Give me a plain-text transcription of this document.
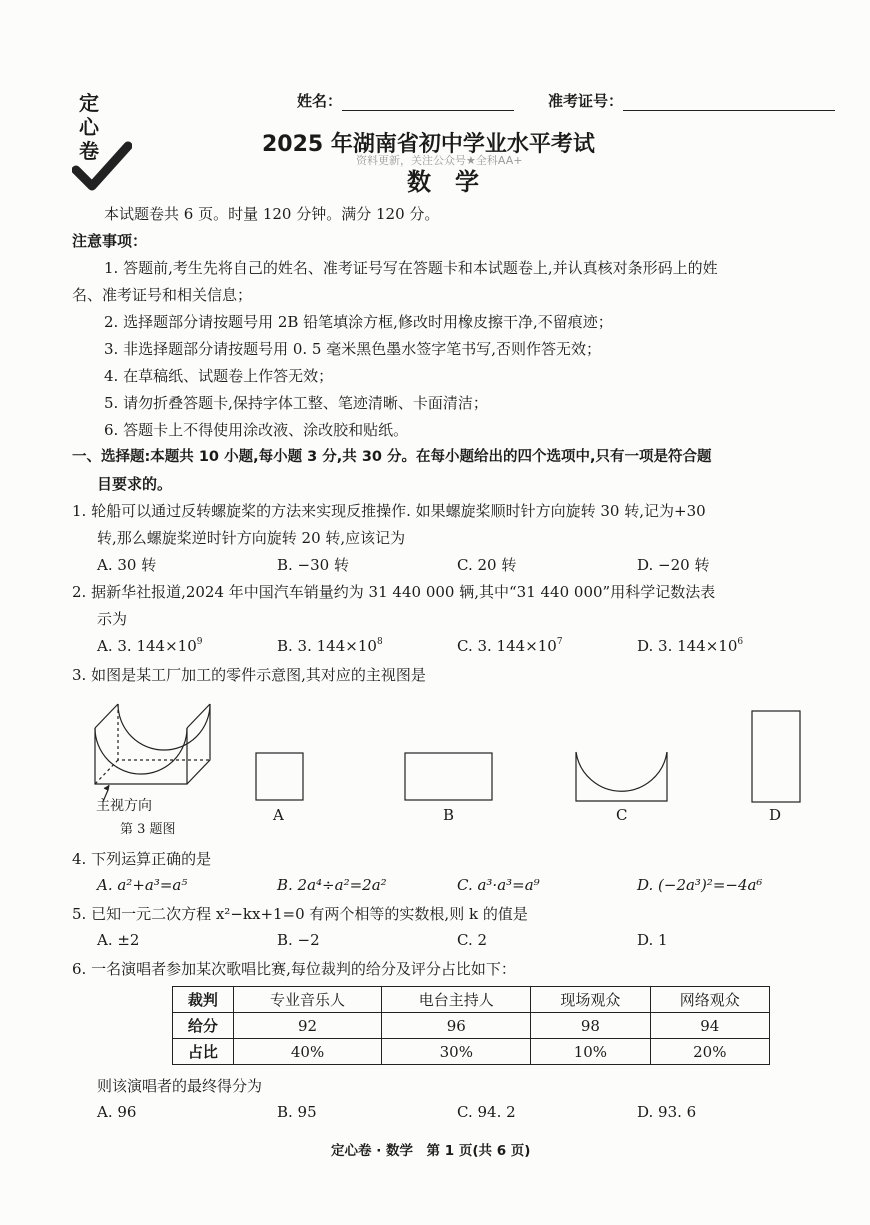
定
心
卷
姓名：	准考证号：
2025 年湖南省初中学业水平考试
资料更新，关注公众号★全科AA+
数　学
本试题卷共 6 页。时量 120 分钟。满分 120 分。
注意事项：
1. 答题前,考生先将自己的姓名、准考证号写在答题卡和本试题卷上,并认真核对条形码上的姓
名、准考证号和相关信息；
2. 选择题部分请按题号用 2B 铅笔填涂方框,修改时用橡皮擦干净,不留痕迹；
3. 非选择题部分请按题号用 0. 5 毫米黑色墨水签字笔书写,否则作答无效；
4. 在草稿纸、试题卷上作答无效；
5. 请勿折叠答题卡,保持字体工整、笔迹清晰、卡面清洁；
6. 答题卡上不得使用涂改液、涂改胶和贴纸。
一、选择题:本题共 10 小题,每小题 3 分,共 30 分。在每小题给出的四个选项中,只有一项是符合题
目要求的。
1. 轮船可以通过反转螺旋桨的方法来实现反推操作. 如果螺旋桨顺时针方向旋转 30 转,记为+30
转,那么螺旋桨逆时针方向旋转 20 转,应该记为
A. 30 转	B. −30 转	C. 20 转	D. −20 转
2. 据新华社报道,2024 年中国汽车销量约为 31 440 000 辆,其中“31 440 000”用科学记数法表
示为
A. 3. $144\times 10^9$	B. 3. $144\times 10^8$	C. 3. $144\times 10^7$	D. 3. $144\times 10^6$
3. 如图是某工厂加工的零件示意图,其对应的主视图是
主视方向
第 3 题图
A	B	C	D
4. 下列运算正确的是
A. a²+a³=a⁵	B. 2a⁴÷a²=2a²	C. a³·a³=a⁹	D. (−2a³)²=−4a⁶
5. 已知一元二次方程 x²−kx+1=0 有两个相等的实数根,则 k 的值是
A. ±2	B. −2	C. 2	D. 1
6. 一名演唱者参加某次歌唱比赛,每位裁判的给分及评分占比如下：
裁判	专业音乐人	电台主持人	现场观众	网络观众
给分	92	96	98	94
占比	40%	30%	10%	20%
则该演唱者的最终得分为
A. 96	B. 95	C. 94. 2	D. 93. 6
定心卷 · 数学　第 1 页(共 6 页)
